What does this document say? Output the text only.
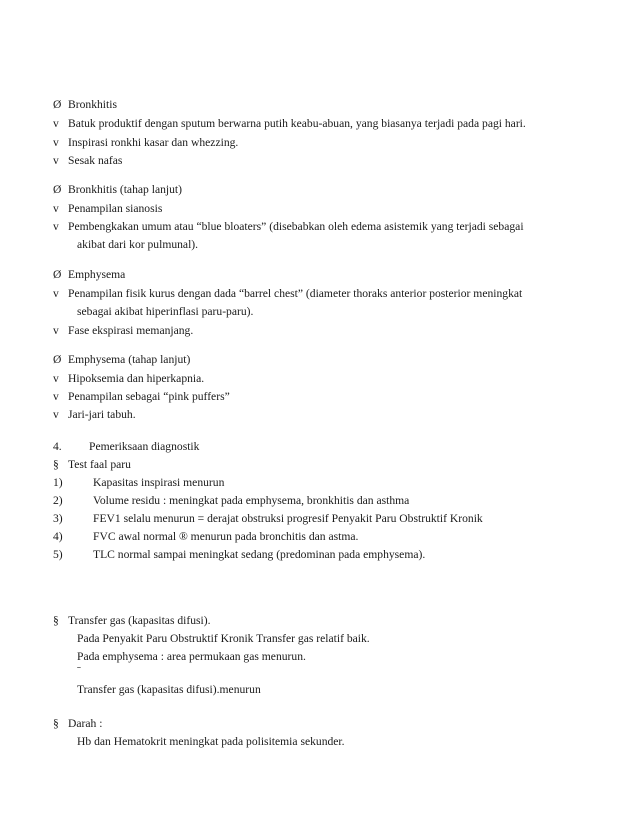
Ø Bronkhitis
v Batuk produktif dengan sputum berwarna putih keabu-abuan, yang biasanya terjadi pada pagi hari.
v Inspirasi ronkhi kasar dan whezzing.
v Sesak nafas
Ø Bronkhitis (tahap lanjut)
v Penampilan sianosis
v Pembengkakan umum atau “blue bloaters” (disebabkan oleh edema asistemik yang terjadi sebagai
akibat dari kor pulmunal).
Ø Emphysema
v Penampilan fisik kurus dengan dada “barrel chest” (diameter thoraks anterior posterior meningkat
sebagai akibat hiperinflasi paru-paru).
v Fase ekspirasi memanjang.
Ø Emphysema (tahap lanjut)
v Hipoksemia dan hiperkapnia.
v Penampilan sebagai “pink puffers”
v Jari-jari tabuh.
4. Pemeriksaan diagnostik
§ Test faal paru
1)	Kapasitas inspirasi menurun
2)	Volume residu : meningkat pada emphysema, bronkhitis dan asthma
3)	FEV1 selalu menurun = derajat obstruksi progresif Penyakit Paru Obstruktif Kronik
4)	FVC awal normal ® menurun pada bronchitis dan astma.
5)	TLC normal sampai meningkat sedang (predominan pada emphysema).
§ Transfer gas (kapasitas difusi).
Pada Penyakit Paru Obstruktif Kronik Transfer gas relatif baik.
Pada emphysema : area permukaan gas menurun.
ˉ
Transfer gas (kapasitas difusi).menurun
§ Darah :
Hb dan Hematokrit meningkat pada polisitemia sekunder.
